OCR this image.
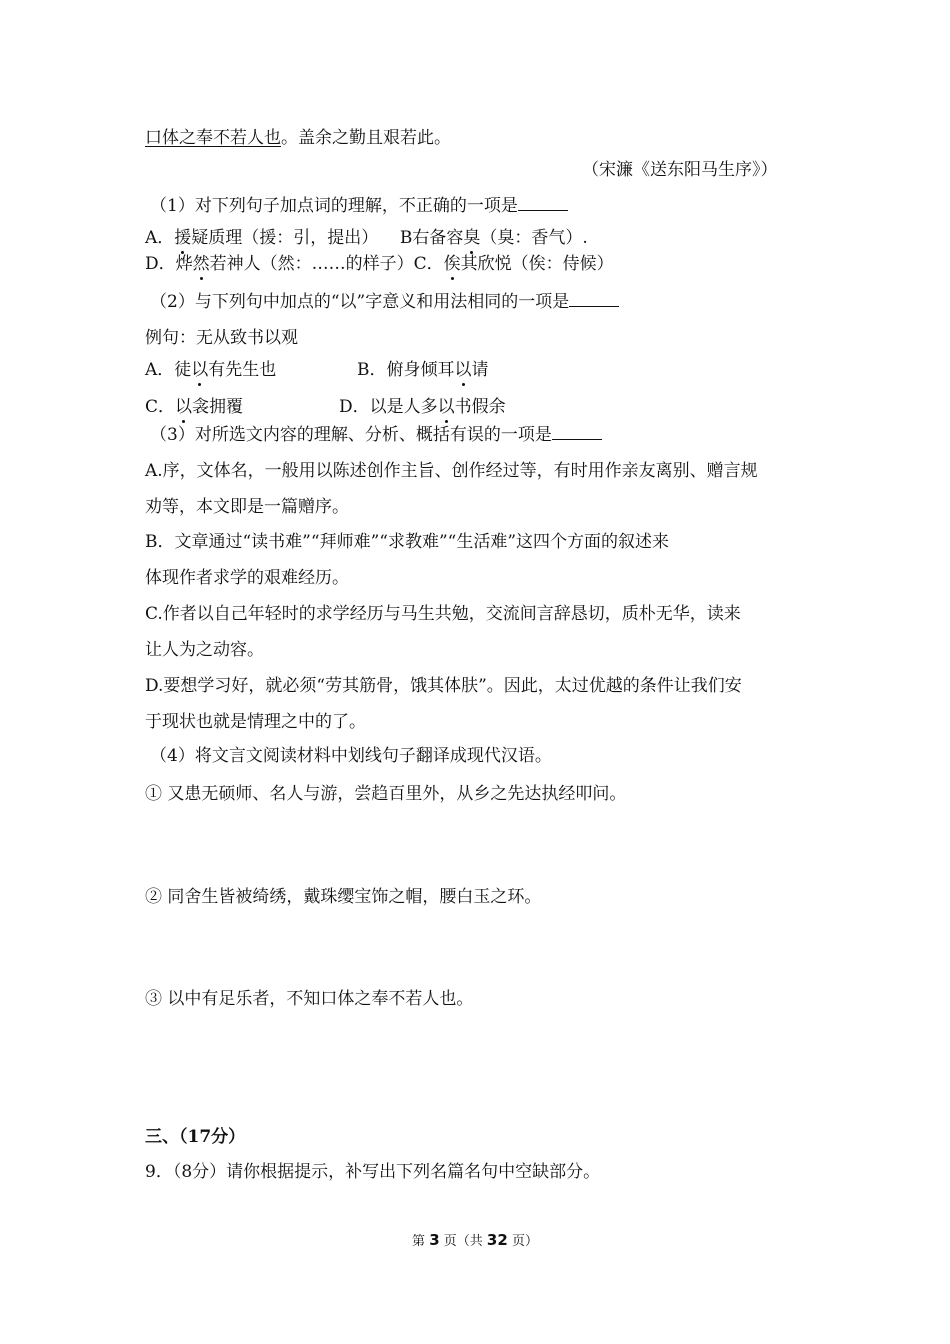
口体之奉不若人也。盖余之勤且艰若此。
（宋濂《送东阳马生序》）
（1）对下列句子加点词的理解，不正确的一项是
A．援疑质理（援：引，提出） B右备容臭（臭：香气）.
D．烨然若神人（然：……的样子）C．俟其欣悦（俟：侍候）
（2）与下列句中加点的“以”字意义和用法相同的一项是
例句：无从致书以观
A．徒以有先生也	B．俯身倾耳以请
C．以衾拥覆	D．以是人多以书假余
（3）对所选文内容的理解、分析、概括有误的一项是
A.序，文体名，一般用以陈述创作主旨、创作经过等，有时用作亲友离别、赠言规
劝等，本文即是一篇赠序。
B．文章通过“读书难”“拜师难”“求教难”“生活难”这四个方面的叙述来
体现作者求学的艰难经历。
C.作者以自己年轻时的求学经历与马生共勉，交流间言辞恳切，质朴无华，读来
让人为之动容。
D.要想学习好，就必须“劳其筋骨，饿其体肤”。因此，太过优越的条件让我们安
于现状也就是情理之中的了。
（4）将文言文阅读材料中划线句子翻译成现代汉语。
① 又患无硕师、名人与游，尝趋百里外，从乡之先达执经叩问。
② 同舍生皆被绮绣，戴珠缨宝饰之帽，腰白玉之环。
③ 以中有足乐者，不知口体之奉不若人也。
三、（17分）
9．（8分）请你根据提示，补写出下列名篇名句中空缺部分。
第 3 页（共 32 页）
